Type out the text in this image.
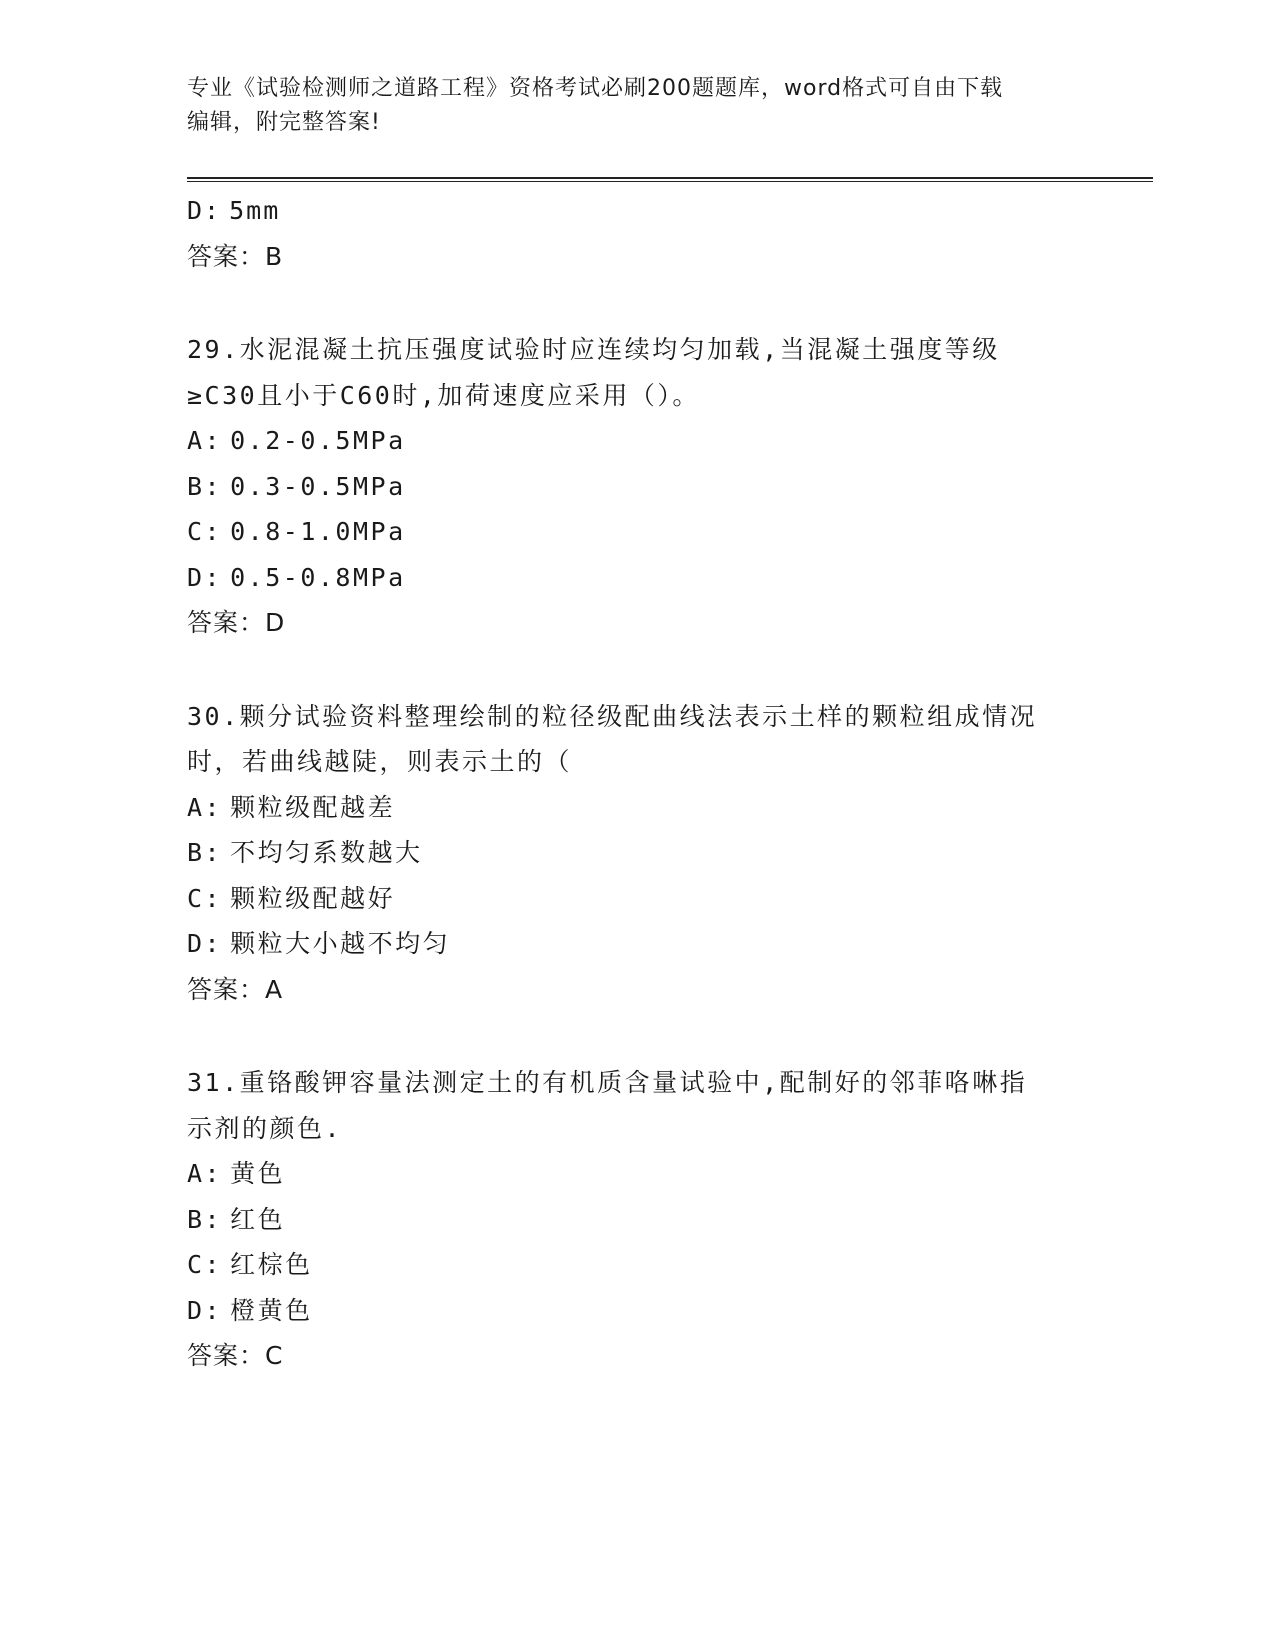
专业《试验检测师之道路工程》资格考试必刷200题题库，word格式可自由下载
编辑，附完整答案!
D: 5mm
答案：B
29.水泥混凝土抗压强度试验时应连续均匀加载,当混凝土强度等级
≥C30且小于C60时,加荷速度应采用（）。
A: 0.2-0.5MPa
B: 0.3-0.5MPa
C: 0.8-1.0MPa
D: 0.5-0.8MPa
答案：D
30.颗分试验资料整理绘制的粒径级配曲线法表示土样的颗粒组成情况
时，若曲线越陡，则表示土的（
A: 颗粒级配越差
B: 不均匀系数越大
C: 颗粒级配越好
D: 颗粒大小越不均匀
答案：A
31.重铬酸钾容量法测定土的有机质含量试验中,配制好的邻菲咯啉指
示剂的颜色.
A: 黄色
B: 红色
C: 红棕色
D: 橙黄色
答案：C
